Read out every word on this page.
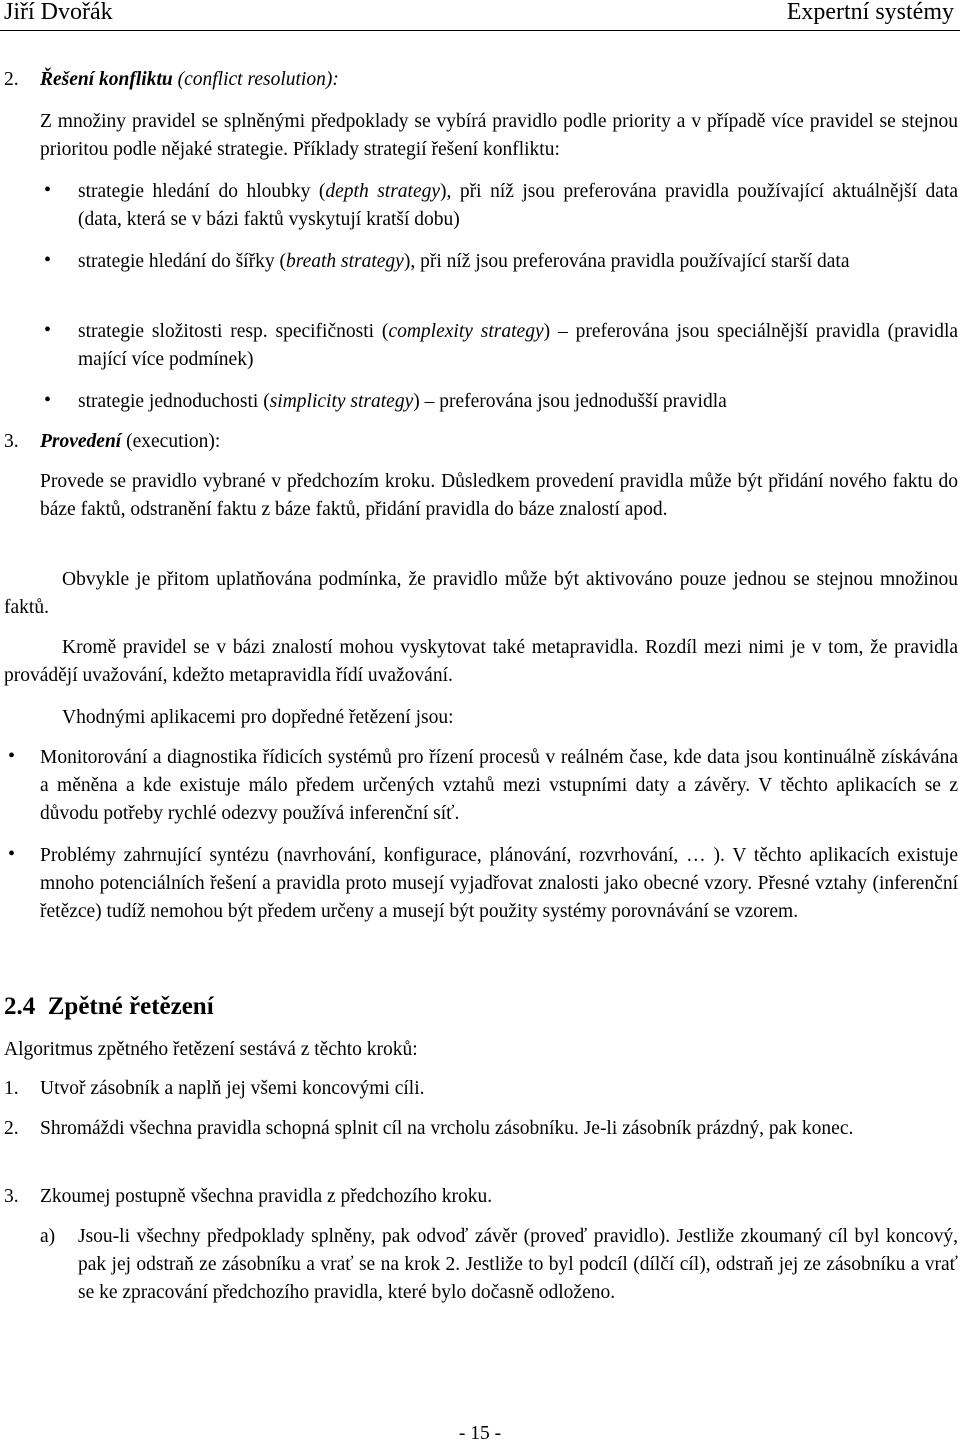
Jiří Dvořák	Expertní systémy
2. Řešení konfliktu (conflict resolution):
Z množiny pravidel se splněnými předpoklady se vybírá pravidlo podle priority a v případě více pravidel se stejnou prioritou podle nějaké strategie. Příklady strategií řešení konfliktu:
• strategie hledání do hloubky (depth strategy), při níž jsou preferována pravidla používající aktuálnější data (data, která se v bázi faktů vyskytují kratší dobu)
• strategie hledání do šířky (breath strategy), při níž jsou preferována pravidla používající starší data
• strategie složitosti resp. specifičnosti (complexity strategy) – preferována jsou speciálnější pravidla (pravidla mající více podmínek)
• strategie jednoduchosti (simplicity strategy) – preferována jsou jednodušší pravidla
3. Provedení (execution):
Provede se pravidlo vybrané v předchozím kroku. Důsledkem provedení pravidla může být přidání nového faktu do báze faktů, odstranění faktu z báze faktů, přidání pravidla do báze znalostí apod.
Obvykle je přitom uplatňována podmínka, že pravidlo může být aktivováno pouze jednou se stejnou množinou faktů.
Kromě pravidel se v bázi znalostí mohou vyskytovat také metapravidla. Rozdíl mezi nimi je v tom, že pravidla provádějí uvažování, kdežto metapravidla řídí uvažování.
Vhodnými aplikacemi pro dopředné řetězení jsou:
• Monitorování a diagnostika řídicích systémů pro řízení procesů v reálném čase, kde data jsou kontinuálně získávána a měněna a kde existuje málo předem určených vztahů mezi vstupními daty a závěry. V těchto aplikacích se z důvodu potřeby rychlé odezvy používá inferenční síť.
• Problémy zahrnující syntézu (navrhování, konfigurace, plánování, rozvrhování, … ). V těchto aplikacích existuje mnoho potenciálních řešení a pravidla proto musejí vyjadřovat znalosti jako obecné vzory. Přesné vztahy (inferenční řetězce) tudíž nemohou být předem určeny a musejí být použity systémy porovnávání se vzorem.
2.4 Zpětné řetězení
Algoritmus zpětného řetězení sestává z těchto kroků:
1. Utvoř zásobník a naplň jej všemi koncovými cíli.
2. Shromáždi všechna pravidla schopná splnit cíl na vrcholu zásobníku. Je-li zásobník prázdný, pak konec.
3. Zkoumej postupně všechna pravidla z předchozího kroku.
a) Jsou-li všechny předpoklady splněny, pak odvoď závěr (proveď pravidlo). Jestliže zkoumaný cíl byl koncový, pak jej odstraň ze zásobníku a vrať se na krok 2. Jestliže to byl podcíl (dílčí cíl), odstraň jej ze zásobníku a vrať se ke zpracování předchozího pravidla, které bylo dočasně odloženo.
- 15 -
